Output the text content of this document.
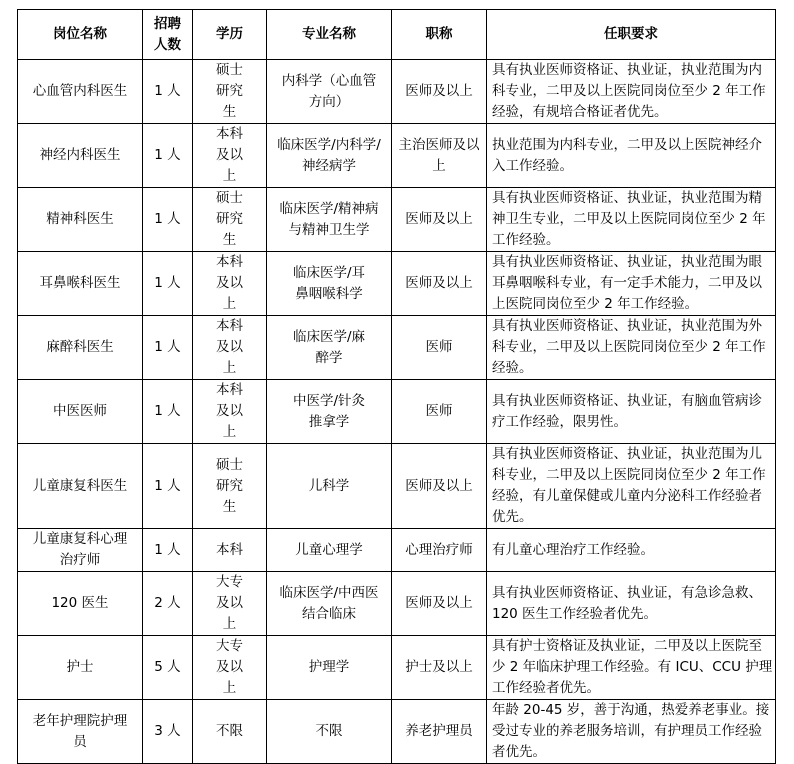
岗位名称	招聘人数	学历	专业名称	职称	任职要求
心血管内科医生	1 人	硕士研究生	内科学（心血管方向）	医师及以上	具有执业医师资格证、执业证，执业范围为内科专业，二甲及以上医院同岗位至少 2 年工作经验，有规培合格证者优先。
神经内科医生	1 人	本科及以上	临床医学/内科学/神经病学	主治医师及以上	执业范围为内科专业，二甲及以上医院神经介入工作经验。
精神科医生	1 人	硕士研究生	临床医学/精神病与精神卫生学	医师及以上	具有执业医师资格证、执业证，执业范围为精神卫生专业，二甲及以上医院同岗位至少 2 年工作经验。
耳鼻喉科医生	1 人	本科及以上	临床医学/耳鼻咽喉科学	医师及以上	具有执业医师资格证、执业证，执业范围为眼耳鼻咽喉科专业，有一定手术能力，二甲及以上医院同岗位至少 2 年工作经验。
麻醉科医生	1 人	本科及以上	临床医学/麻醉学	医师	具有执业医师资格证、执业证，执业范围为外科专业，二甲及以上医院同岗位至少 2 年工作经验。
中医医师	1 人	本科及以上	中医学/针灸推拿学	医师	具有执业医师资格证、执业证，有脑血管病诊疗工作经验，限男性。
儿童康复科医生	1 人	硕士研究生	儿科学	医师及以上	具有执业医师资格证、执业证，执业范围为儿科专业，二甲及以上医院同岗位至少 2 年工作经验，有儿童保健或儿童内分泌科工作经验者优先。
儿童康复科心理治疗师	1 人	本科	儿童心理学	心理治疗师	有儿童心理治疗工作经验。
120 医生	2 人	大专及以上	临床医学/中西医结合临床	医师及以上	具有执业医师资格证、执业证，有急诊急救、120 医生工作经验者优先。
护士	5 人	大专及以上	护理学	护士及以上	具有护士资格证及执业证，二甲及以上医院至少 2 年临床护理工作经验。有 ICU、CCU 护理工作经验者优先。
老年护理院护理员	3 人	不限	不限	养老护理员	年龄 20-45 岁，善于沟通，热爱养老事业。接受过专业的养老服务培训，有护理员工作经验者优先。
